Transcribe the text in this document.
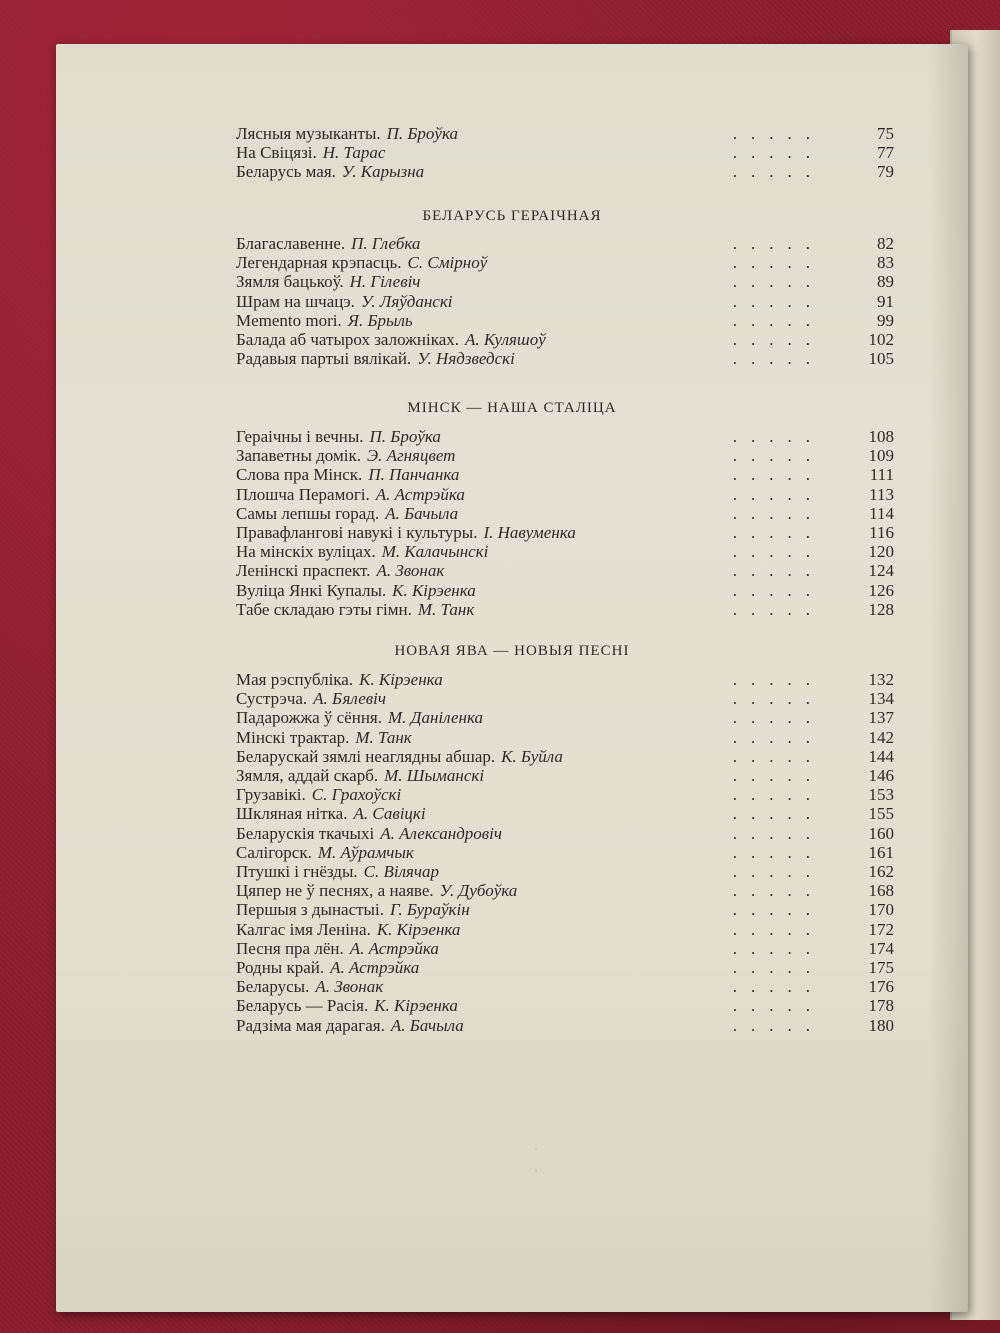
Лясныя музыканты. П. Броўка	.....	75
На Свіцязі. Н. Тарас	.....	77
Беларусь мая. У. Карызна	.....	79
БЕЛАРУСЬ ГЕРАІЧНАЯ
Благаславенне. П. Глебка	.....	82
Легендарная крэпасць. С. Смірноў	.....	83
Зямля бацькоў. Н. Гілевіч	.....	89
Шрам на шчацэ. У. Ляўданскі	.....	91
Memento mori. Я. Брыль	.....	99
Балада аб чатырох заложніках. А. Куляшоў	.....	102
Радавыя партыі вялікай. У. Нядзведскі	.....	105
МІНСК — НАША СТАЛІЦА
Гераічны і вечны. П. Броўка	.....	108
Запаветны домік. Э. Агняцвет	.....	109
Слова пра Мінск. П. Панчанка	.....	111
Плошча Перамогі. А. Астрэйка	.....	113
Самы лепшы горад. А. Бачыла	.....	114
Правафлангові навукі і культуры. І. Навуменка	.....	116
На мінскіх вуліцах. М. Калачынскі	.....	120
Ленінскі праспект. А. Звонак	.....	124
Вуліца Янкі Купалы. К. Кірэенка	.....	126
Табе складаю гэты гімн. М. Танк	.....	128
НОВАЯ ЯВА — НОВЫЯ ПЕСНІ
Мая рэспубліка. К. Кірэенка	.....	132
Сустрэча. А. Бялевіч	.....	134
Падарожжа ў сёння. М. Даніленка	.....	137
Мінскі трактар. М. Танк	.....	142
Беларускай зямлі неаглядны абшар. К. Буйла	.....	144
Зямля, аддай скарб. М. Шыманскі	.....	146
Грузавікі. С. Грахоўскі	.....	153
Шкляная нітка. А. Савіцкі	.....	155
Беларускія ткачыхі А. Александровіч	.....	160
Салігорск. М. Аўрамчык	.....	161
Птушкі і гнёзды. С. Вілячар	.....	162
Цяпер не ў песнях, а наяве. У. Дубоўка	.....	168
Першыя з дынастыі. Г. Бураўкін	.....	170
Калгас імя Леніна. К. Кірэенка	.....	172
Песня пра лён. А. Астрэйка	.....	174
Родны край. А. Астрэйка	.....	175
Беларусы. А. Звонак	.....	176
Беларусь — Расія. К. Кірэенка	.....	178
Радзіма мая дарагая. А. Бачыла	.....	180
·
·
